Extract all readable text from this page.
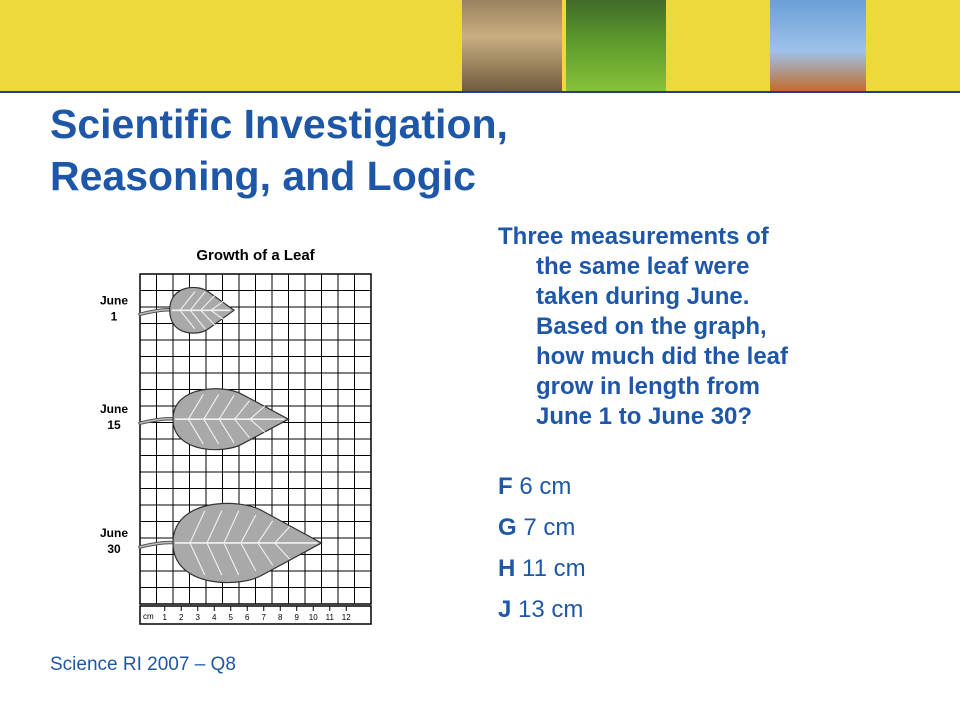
Scientific Investigation,
Reasoning, and Logic
Growth of a Leaf
cm 1 2 3 4 5 6 7 8 9 10 11 12
June
1
June
15
June
30
Three measurements of
the same leaf were
taken during June.
Based on the graph,
how much did the leaf
grow in length from
June 1 to June 30?
F 6 cm
G 7 cm
H 11 cm
J 13 cm
Science RI 2007 – Q8
